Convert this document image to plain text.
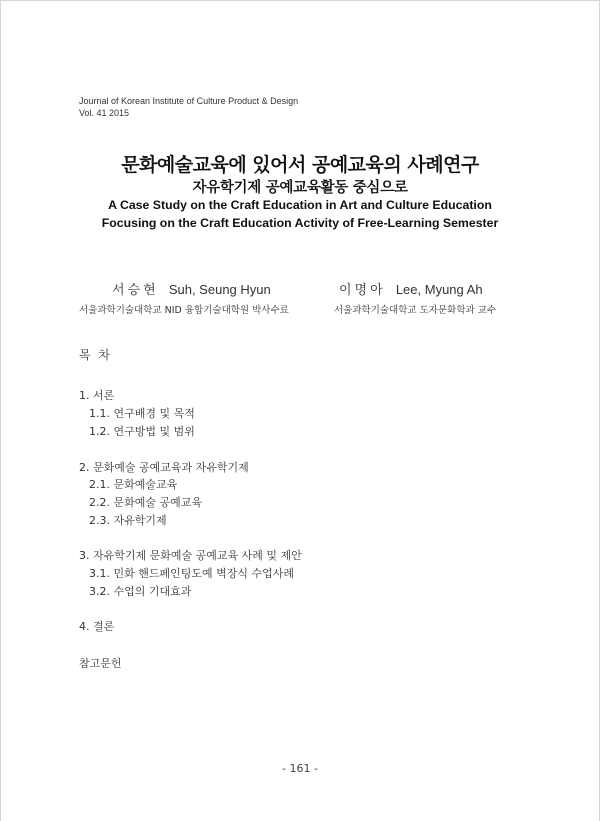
Journal of Korean Institute of Culture Product & Design
Vol. 41 2015
문화예술교육에 있어서 공예교육의 사례연구
자유학기제 공예교육활동 중심으로
A Case Study on the Craft Education in Art and Culture Education
Focusing on the Craft Education Activity of Free-Learning Semester
서승현 Suh, Seung Hyun
서울과학기술대학교 NID 융합기술대학원 박사수료
이명아 Lee, Myung Ah
서울과학기술대학교 도자문화학과 교수
목 차
1. 서론
1.1. 연구배경 및 목적
1.2. 연구방법 및 범위
2. 문화예술 공예교육과 자유학기제
2.1. 문화예술교육
2.2. 문화예술 공예교육
2.3. 자유학기제
3. 자유학기제 문화예술 공예교육 사례 및 제안
3.1. 민화 핸드페인팅도예 벽장식 수업사례
3.2. 수업의 기대효과
4. 결론
참고문헌
- 161 -
